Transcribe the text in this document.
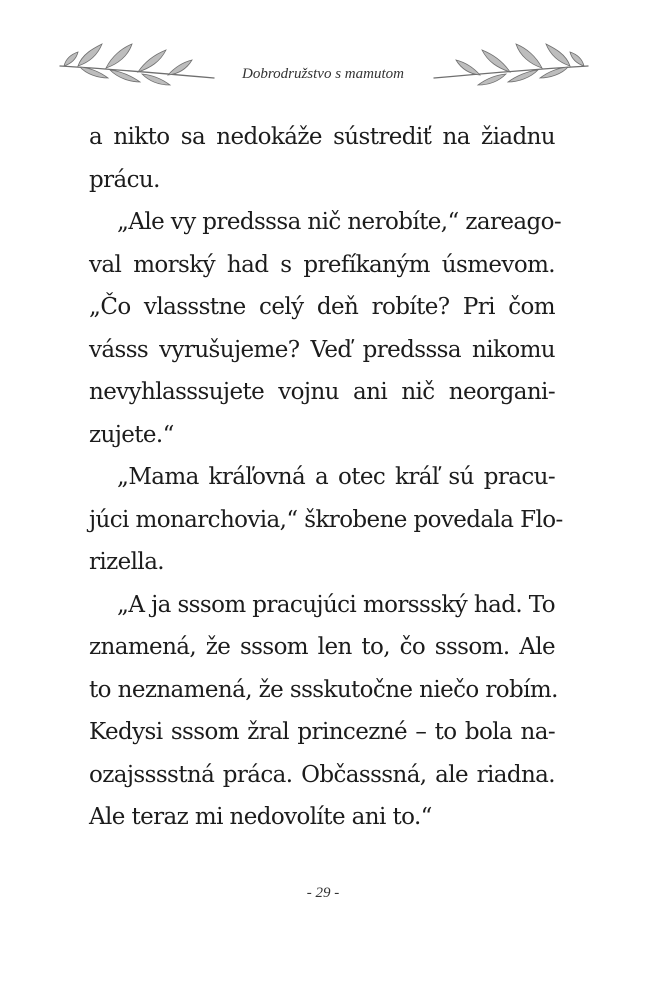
Dobrodružstvo s mamutom

a nikto sa nedokáže sústrediť na žiadnu
prácu.

„Ale vy predsssa nič nerobíte,“ zareago-
val morský had s prefíkaným úsmevom.
„Čo vlassstne celý deň robíte? Pri čom
vásss vyrušujeme? Veď predsssa nikomu
nevyhlasssujete vojnu ani nič neorgani-
zujete.“

„Mama kráľovná a otec kráľ sú pracu-
júci monarchovia,“ škrobene povedala Flo-
rizella.

„A ja sssom pracujúci morssský had. To
znamená, že sssom len to, čo sssom. Ale
to neznamená, že ssskutočne niečo robím.
Kedysi sssom žral princezné – to bola na-
ozajsssstná práca. Občasssná, ale riadna.
Ale teraz mi nedovolíte ani to.“

- 29 -
